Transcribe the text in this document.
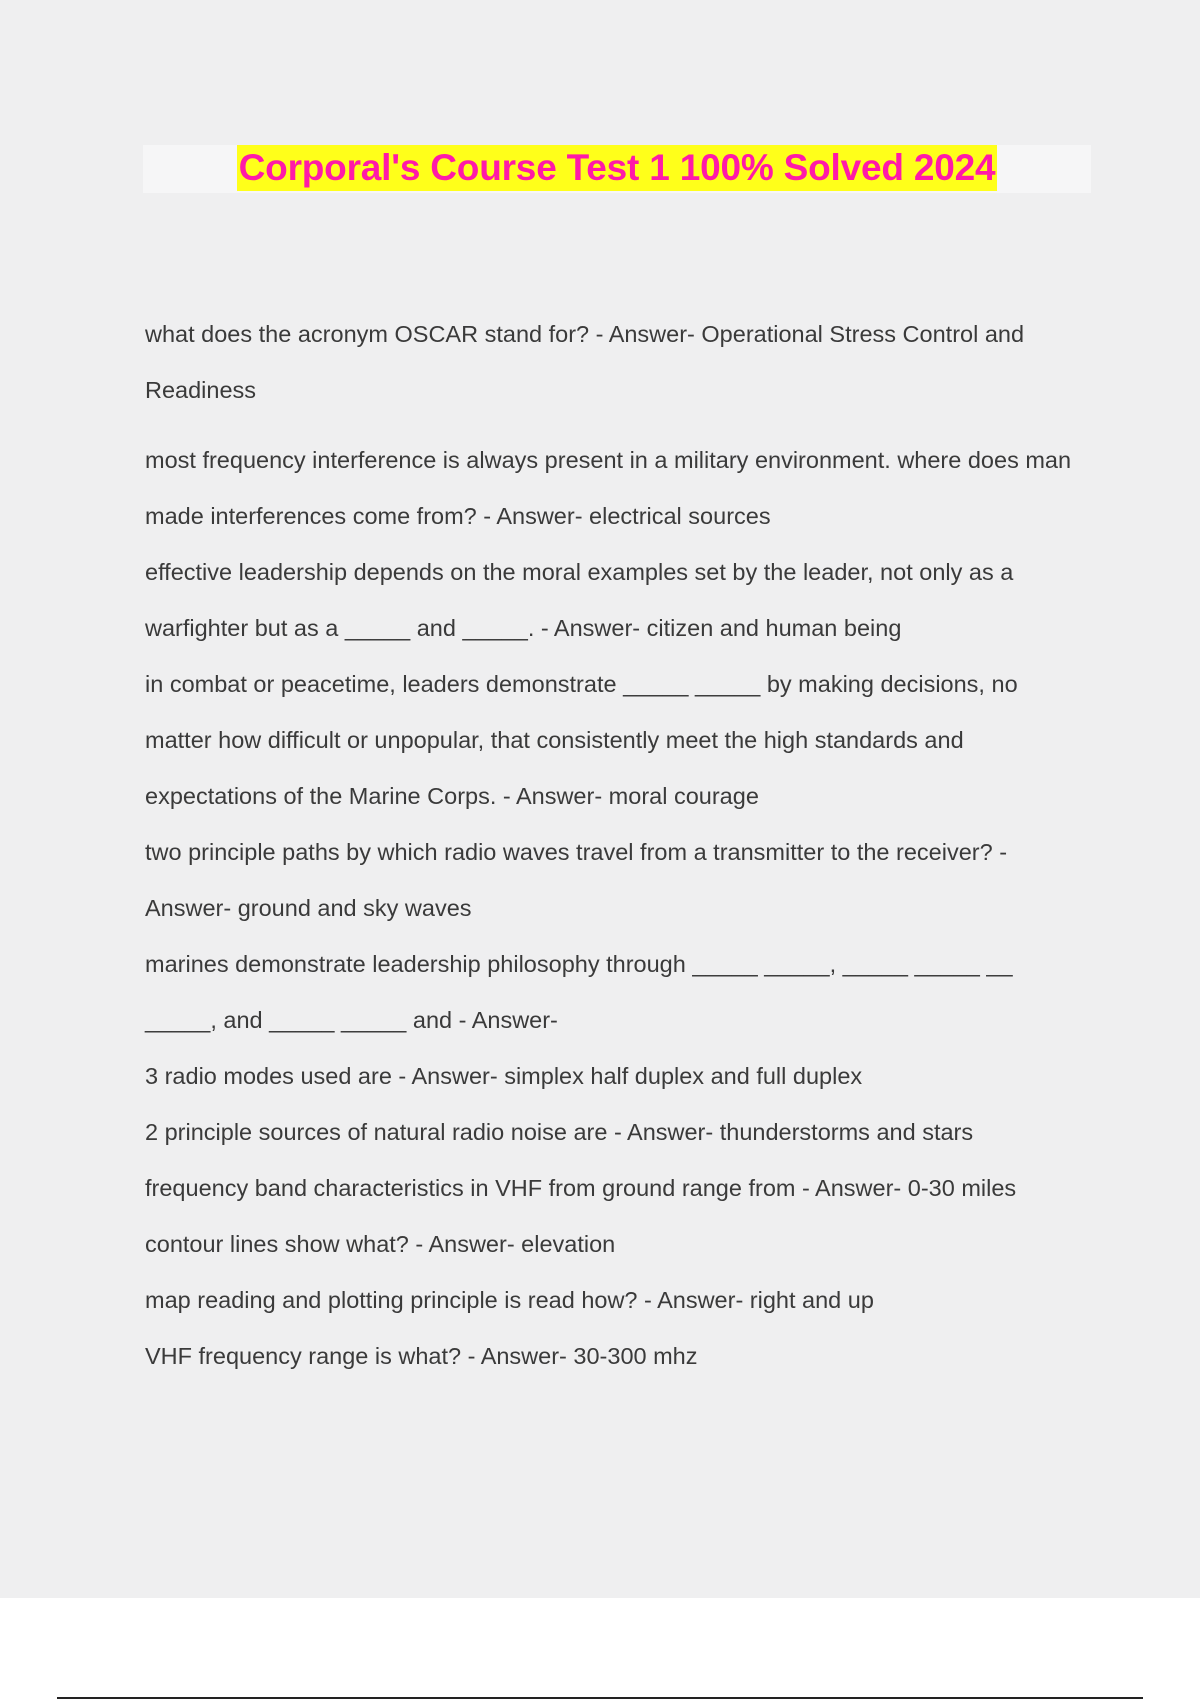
Corporal's Course Test 1 100% Solved 2024

what does the acronym OSCAR stand for? - Answer- Operational Stress Control and Readiness

most frequency interference is always present in a military environment. where does man made interferences come from? - Answer- electrical sources

effective leadership depends on the moral examples set by the leader, not only as a warfighter but as a _____ and _____. - Answer- citizen and human being

in combat or peacetime, leaders demonstrate _____ _____ by making decisions, no matter how difficult or unpopular, that consistently meet the high standards and expectations of the Marine Corps. - Answer- moral courage

two principle paths by which radio waves travel from a transmitter to the receiver? - Answer- ground and sky waves

marines demonstrate leadership philosophy through _____ _____, _____ _____ __ _____, and _____ _____ and - Answer-

3 radio modes used are - Answer- simplex half duplex and full duplex

2 principle sources of natural radio noise are - Answer- thunderstorms and stars

frequency band characteristics in VHF from ground range from - Answer- 0-30 miles

contour lines show what? - Answer- elevation

map reading and plotting principle is read how? - Answer- right and up

VHF frequency range is what? - Answer- 30-300 mhz
